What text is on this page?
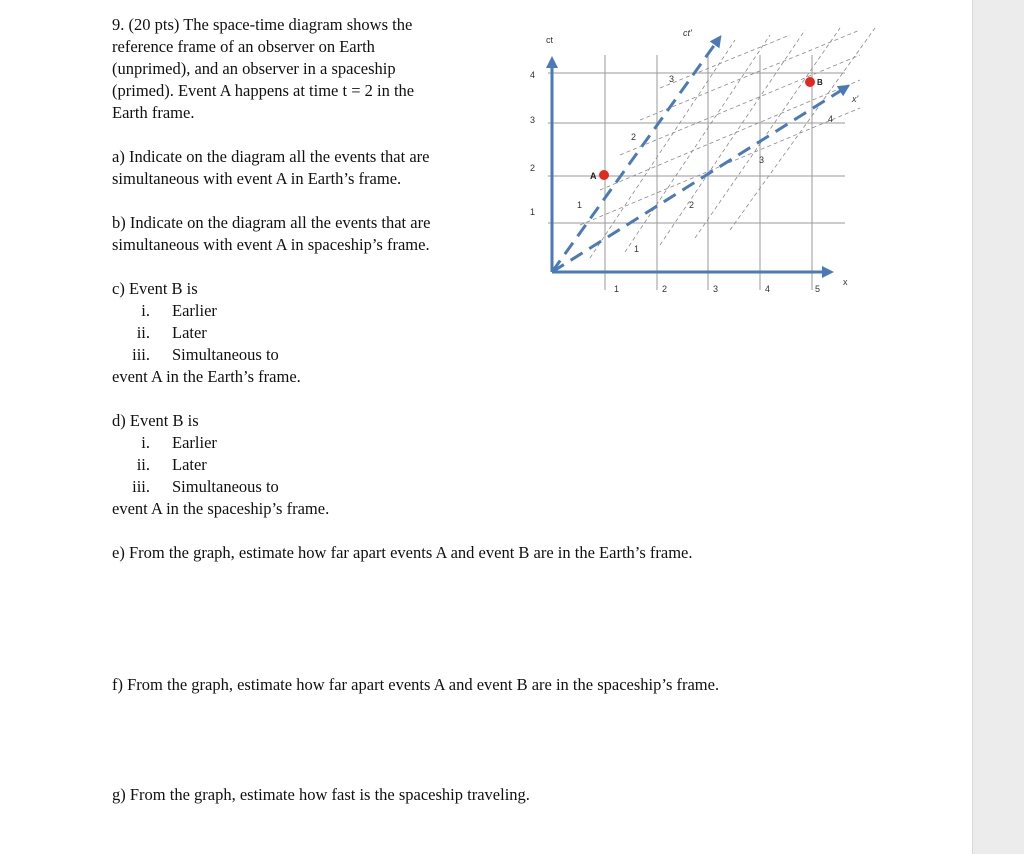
9. (20 pts) The space-time diagram shows the
reference frame of an observer on Earth
(unprimed), and an observer in a spaceship
(primed). Event A happens at time t = 2 in the
Earth frame.
a) Indicate on the diagram all the events that are
simultaneous with event A in Earth’s frame.
b) Indicate on the diagram all the events that are
simultaneous with event A in spaceship’s frame.
c) Event B is
i. Earlier
ii. Later
iii. Simultaneous to
event A in the Earth’s frame.
d) Event B is
i. Earlier
ii. Later
iii. Simultaneous to
event A in the spaceship’s frame.
e) From the graph, estimate how far apart events A and event B are in the Earth’s frame.
f) From the graph, estimate how far apart events A and event B are in the spaceship’s frame.
g) From the graph, estimate how fast is the spaceship traveling.
ct
x
ct'
x'
1
2
3
4
1	2	3	4	5
1
2
3
1
2
3
4
A
B
